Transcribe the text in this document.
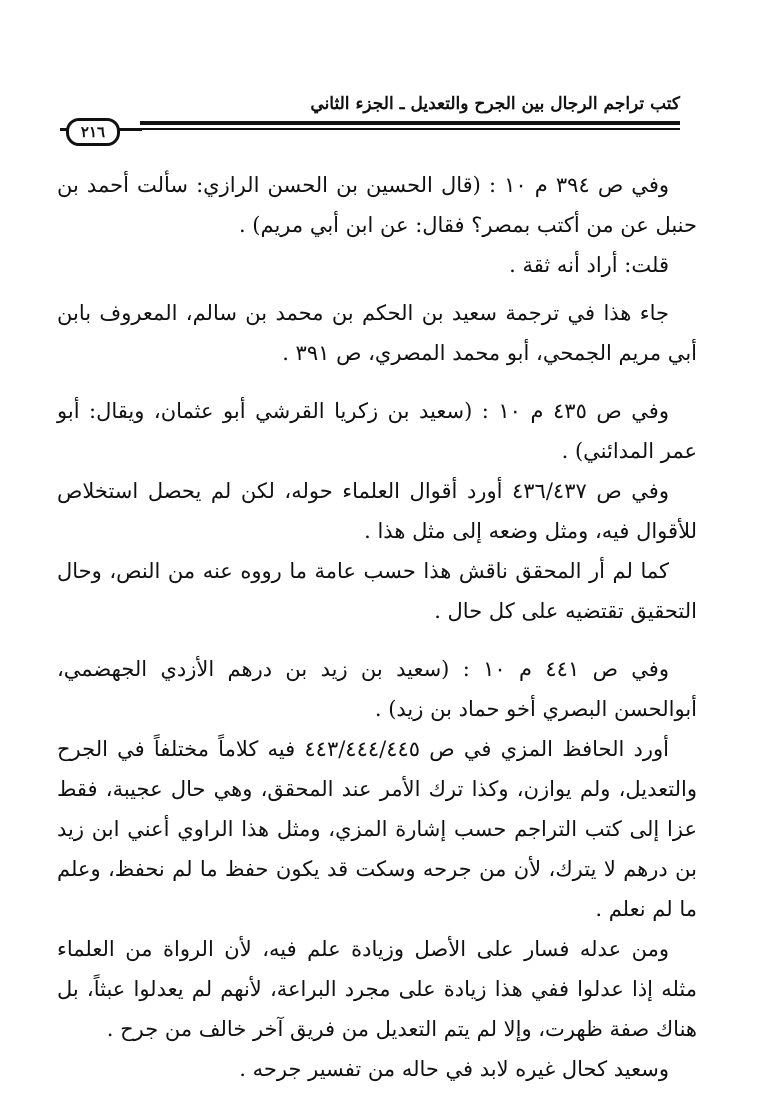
كتب تراجم الرجال بين الجرح والتعديل ـ الجزء الثاني
٢١٦

وفي ص ٣٩٤ م ١٠ : (قال الحسين بن الحسن الرازي: سألت أحمد بن حنبل عن من أكتب بمصر؟ فقال: عن ابن أبي مريم) .

قلت: أراد أنه ثقة .

جاء هذا في ترجمة سعيد بن الحكم بن محمد بن سالم، المعروف بابن أبي مريم الجمحي، أبو محمد المصري، ص ٣٩١ .

وفي ص ٤٣٥ م ١٠ : (سعيد بن زكريا القرشي أبو عثمان، ويقال: أبو عمر المدائني) .

وفي ص ٤٣٦/٤٣٧ أورد أقوال العلماء حوله، لكن لم يحصل استخلاص للأقوال فيه، ومثل وضعه إلى مثل هذا .

كما لم أر المحقق ناقش هذا حسب عامة ما رووه عنه من النص، وحال التحقيق تقتضيه على كل حال .

وفي ص ٤٤١ م ١٠ : (سعيد بن زيد بن درهم الأزدي الجهضمي، أبوالحسن البصري أخو حماد بن زيد) .

أورد الحافظ المزي في ص ٤٤٣/٤٤٤/٤٤٥ فيه كلاماً مختلفاً في الجرح والتعديل، ولم يوازن، وكذا ترك الأمر عند المحقق، وهي حال عجيبة، فقط عزا إلى كتب التراجم حسب إشارة المزي، ومثل هذا الراوي أعني ابن زيد بن درهم لا يترك، لأن من جرحه وسكت قد يكون حفظ ما لم نحفظ، وعلم ما لم نعلم .

ومن عدله فسار على الأصل وزيادة علم فيه، لأن الرواة من العلماء مثله إذا عدلوا ففي هذا زيادة على مجرد البراعة، لأنهم لم يعدلوا عبثاً، بل هناك صفة ظهرت، وإلا لم يتم التعديل من فريق آخر خالف من جرح .

وسعيد كحال غيره لابد في حاله من تفسير جرحه .
